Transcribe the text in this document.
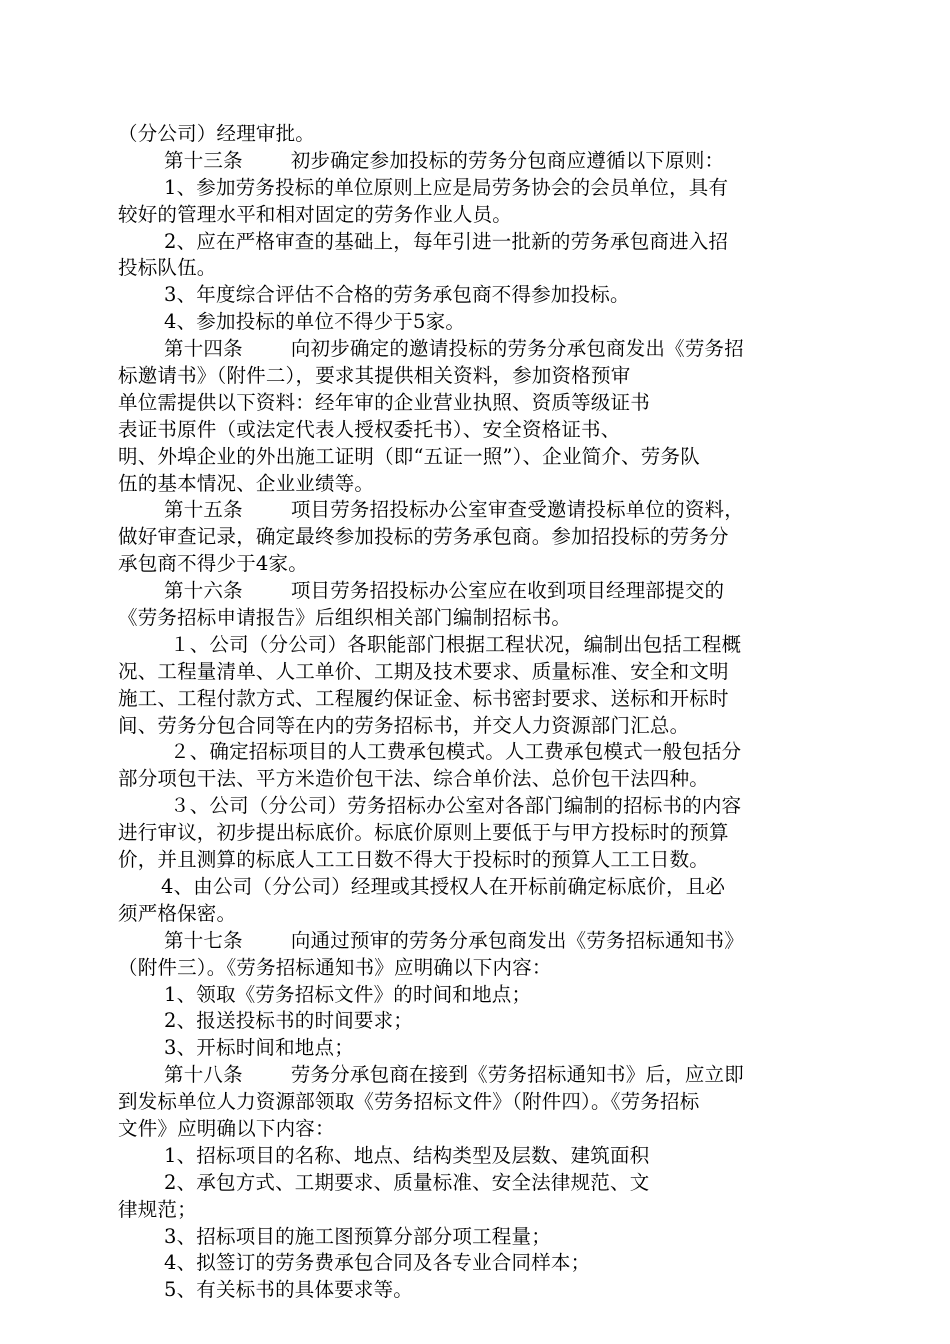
（分公司）经理审批。
第十三条 初步确定参加投标的劳务分包商应遵循以下原则：
1、参加劳务投标的单位原则上应是局劳务协会的会员单位，具有
较好的管理水平和相对固定的劳务作业人员。
2、应在严格审查的基础上，每年引进一批新的劳务承包商进入招
投标队伍。
3、年度综合评估不合格的劳务承包商不得参加投标。
4、参加投标的单位不得少于5家。
第十四条 向初步确定的邀请投标的劳务分承包商发出《劳务招
标邀请书》（附件二），要求其提供相关资料，参加资格预审
单位需提供以下资料：经年审的企业营业执照、资质等级证书
表证书原件（或法定代表人授权委托书）、安全资格证书、
明、外埠企业的外出施工证明（即“五证一照”）、企业简介、劳务队
伍的基本情况、企业业绩等。
第十五条 项目劳务招投标办公室审查受邀请投标单位的资料，
做好审查记录，确定最终参加投标的劳务承包商。参加招投标的劳务分
承包商不得少于4家。
第十六条 项目劳务招投标办公室应在收到项目经理部提交的
《劳务招标申请报告》后组织相关部门编制招标书。
１、公司（分公司）各职能部门根据工程状况，编制出包括工程概
况、工程量清单、人工单价、工期及技术要求、质量标准、安全和文明
施工、工程付款方式、工程履约保证金、标书密封要求、送标和开标时
间、劳务分包合同等在内的劳务招标书，并交人力资源部门汇总。
２、确定招标项目的人工费承包模式。人工费承包模式一般包括分
部分项包干法、平方米造价包干法、综合单价法、总价包干法四种。
３、公司（分公司）劳务招标办公室对各部门编制的招标书的内容
进行审议，初步提出标底价。标底价原则上要低于与甲方投标时的预算
价，并且测算的标底人工工日数不得大于投标时的预算人工工日数。
4、由公司（分公司）经理或其授权人在开标前确定标底价，且必
须严格保密。
第十七条 向通过预审的劳务分承包商发出《劳务招标通知书》
（附件三）。《劳务招标通知书》应明确以下内容：
1、领取《劳务招标文件》的时间和地点；
2、报送投标书的时间要求；
3、开标时间和地点；
第十八条 劳务分承包商在接到《劳务招标通知书》后，应立即
到发标单位人力资源部领取《劳务招标文件》（附件四）。《劳务招标
文件》应明确以下内容：
1、招标项目的名称、地点、结构类型及层数、建筑面积
2、承包方式、工期要求、质量标准、安全法律规范、文
律规范；
3、招标项目的施工图预算分部分项工程量；
4、拟签订的劳务费承包合同及各专业合同样本；
5、有关标书的具体要求等。
